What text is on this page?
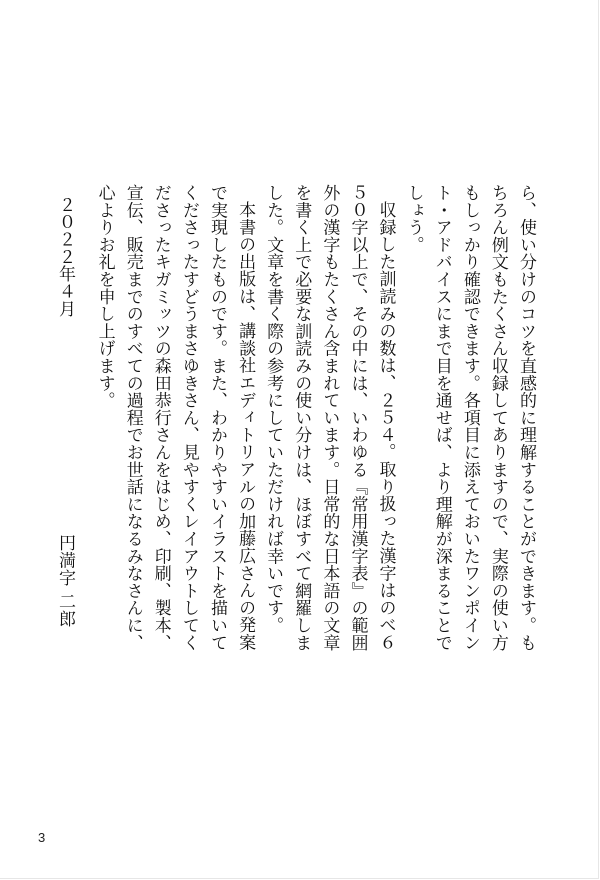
ら、使い分けのコツを直感的に理解することができます。もちろん例文もたくさん収録してありますので、実際の使い方もしっかり確認できます。各項目に添えておいたワンポイント・アドバイスにまで目を通せば、より理解が深まることでしょう。

収録した訓読みの数は、２５４。取り扱った漢字はのべ６５０字以上で、その中には、いわゆる『常用漢字表』の範囲外の漢字もたくさん含まれています。日常的な日本語の文章を書く上で必要な訓読みの使い分けは、ほぼすべて網羅しました。文章を書く際の参考にしていただければ幸いです。

本書の出版は、講談社エディトリアルの加藤広さんの発案で実現したものです。また、わかりやすいイラストを描いてくださったすどうまさゆきさん、見やすくレイアウトしてくださったキガミッツの森田恭行さんをはじめ、印刷、製本、宣伝、販売までのすべての過程でお世話になるみなさんに、心よりお礼を申し上げます。

２０２２年４月
円満字 二郎
3
